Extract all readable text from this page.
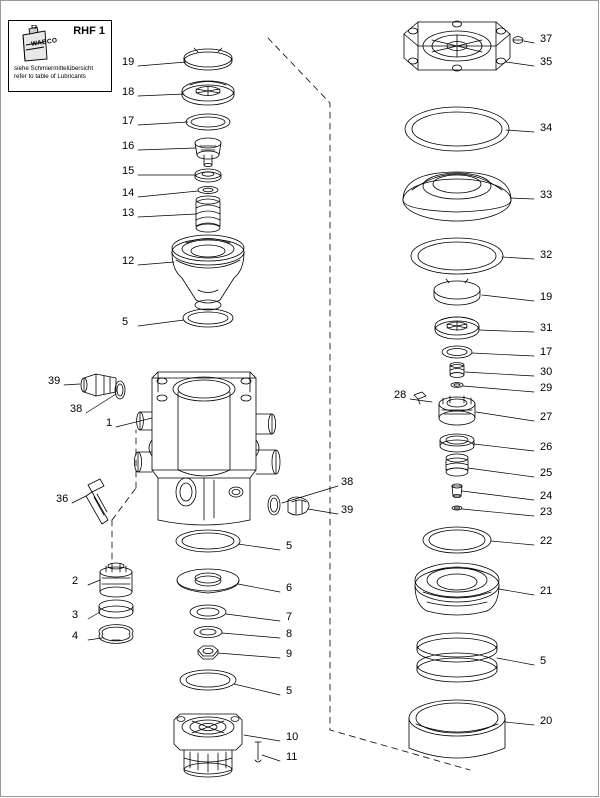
WABCO
RHF 1
siehe Schmiermittelübersicht
refer to table of Lubricants
19
18
17
16
15
14
13
12
5
39
38
1
36
2
3
4
38
39
5
6
7
8
9
5
10
11
37
35
34
33
32
19
31
17
30
29
28
27
26
25
24
23
22
21
5
20
